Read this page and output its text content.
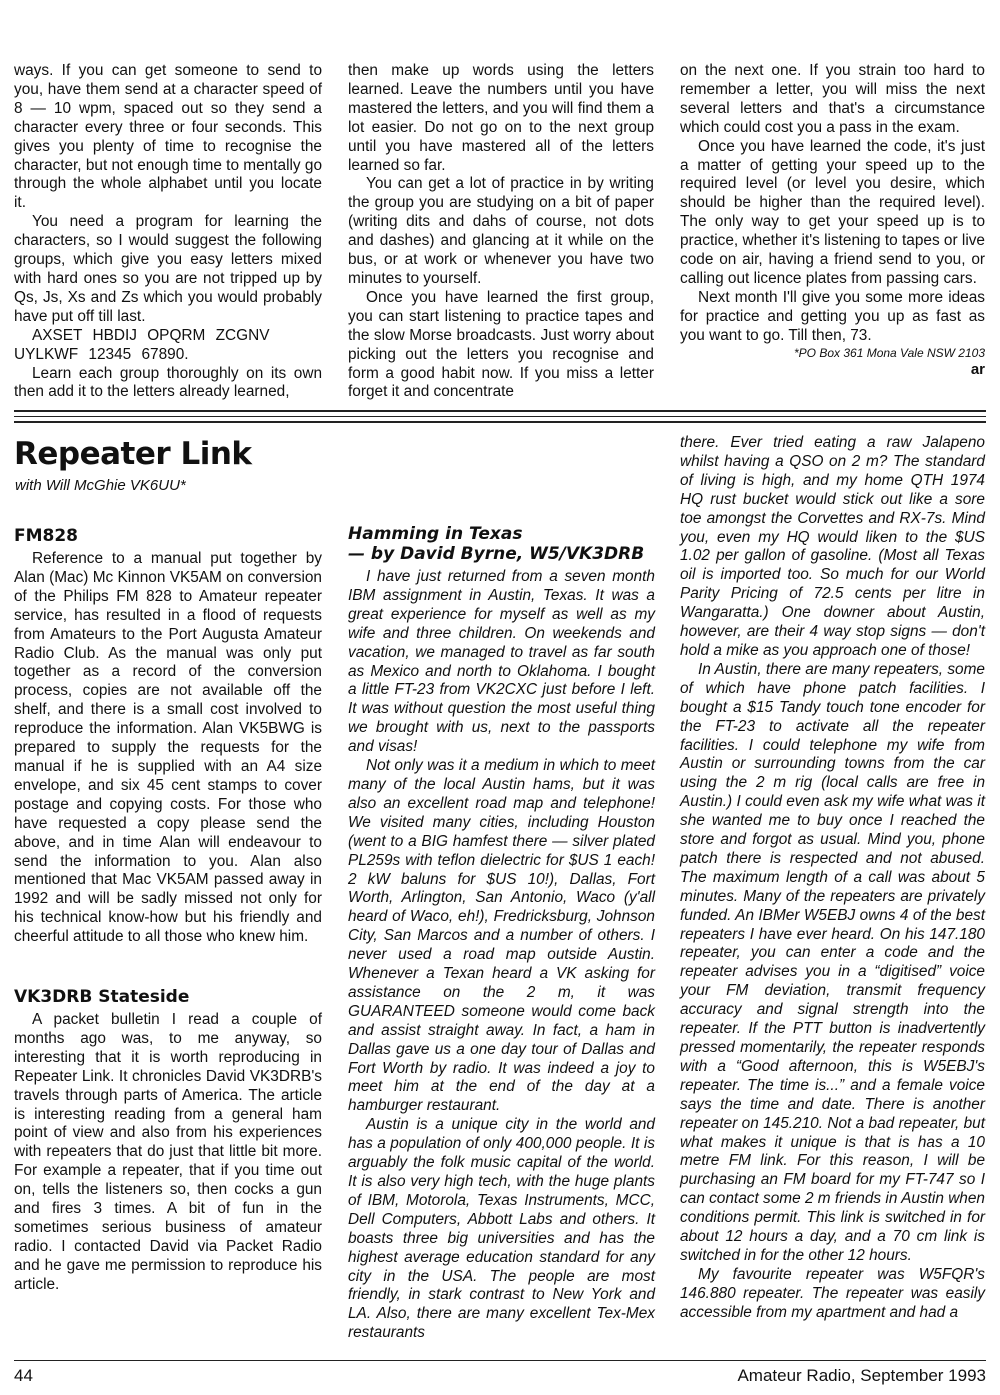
ways. If you can get someone to send to you, have them send at a character speed of 8 — 10 wpm, spaced out so they send a character every three or four seconds. This gives you plenty of time to recognise the character, but not enough time to mentally go through the whole alphabet until you locate it.

You need a program for learning the characters, so I would suggest the following groups, which give you easy letters mixed with hard ones so you are not tripped up by Qs, Js, Xs and Zs which you would probably have put off till last.

AXSET HBDIJ OPQRM ZCGNV UYLKWF 12345 67890.

Learn each group thoroughly on its own then add it to the letters already learned,

then make up words using the letters learned. Leave the numbers until you have mastered the letters, and you will find them a lot easier. Do not go on to the next group until you have mastered all of the letters learned so far.

You can get a lot of practice in by writing the group you are studying on a bit of paper (writing dits and dahs of course, not dots and dashes) and glancing at it while on the bus, or at work or whenever you have two minutes to yourself.

Once you have learned the first group, you can start listening to practice tapes and the slow Morse broadcasts. Just worry about picking out the letters you recognise and form a good habit now. If you miss a letter forget it and concentrate

on the next one. If you strain too hard to remember a letter, you will miss the next several letters and that's a circumstance which could cost you a pass in the exam.

Once you have learned the code, it's just a matter of getting your speed up to the required level (or level you desire, which should be higher than the required level). The only way to get your speed up is to practice, whether it's listening to tapes or live code on air, having a friend send to you, or calling out licence plates from passing cars.

Next month I'll give you some more ideas for practice and getting you up as fast as you want to go. Till then, 73.

*PO Box 361 Mona Vale NSW 2103

ar

Repeater Link
with Will McGhie VK6UU*
FM828

Reference to a manual put together by Alan (Mac) Mc Kinnon VK5AM on conversion of the Philips FM 828 to Amateur repeater service, has resulted in a flood of requests from Amateurs to the Port Augusta Amateur Radio Club. As the manual was only put together as a record of the conversion process, copies are not available off the shelf, and there is a small cost involved to reproduce the information. Alan VK5BWG is prepared to supply the requests for the manual if he is supplied with an A4 size envelope, and six 45 cent stamps to cover postage and copying costs. For those who have requested a copy please send the above, and in time Alan will endeavour to send the information to you. Alan also mentioned that Mac VK5AM passed away in 1992 and will be sadly missed not only for his technical know-how but his friendly and cheerful attitude to all those who knew him.

VK3DRB Stateside

A packet bulletin I read a couple of months ago was, to me anyway, so interesting that it is worth reproducing in Repeater Link. It chronicles David VK3DRB's travels through parts of America. The article is interesting reading from a general ham point of view and also from his experiences with repeaters that do just that little bit more. For example a repeater, that if you time out on, tells the listeners so, then cocks a gun and fires 3 times. A bit of fun in the sometimes serious business of amateur radio. I contacted David via Packet Radio and he gave me permission to reproduce his article.

Hamming in Texas
— by David Byrne, W5/VK3DRB

I have just returned from a seven month IBM assignment in Austin, Texas. It was a great experience for myself as well as my wife and three children. On weekends and vacation, we managed to travel as far south as Mexico and north to Oklahoma. I bought a little FT-23 from VK2CXC just before I left. It was without question the most useful thing we brought with us, next to the passports and visas!

Not only was it a medium in which to meet many of the local Austin hams, but it was also an excellent road map and telephone! We visited many cities, including Houston (went to a BIG hamfest there — silver plated PL259s with teflon dielectric for $US 1 each! 2 kW baluns for $US 10!), Dallas, Fort Worth, Arlington, San Antonio, Waco (y'all heard of Waco, eh!), Fredricksburg, Johnson City, San Marcos and a number of others. I never used a road map outside Austin. Whenever a Texan heard a VK asking for assistance on the 2 m, it was GUARANTEED someone would come back and assist straight away. In fact, a ham in Dallas gave us a one day tour of Dallas and Fort Worth by radio. It was indeed a joy to meet him at the end of the day at a hamburger restaurant.

Austin is a unique city in the world and has a population of only 400,000 people. It is arguably the folk music capital of the world. It is also very high tech, with the huge plants of IBM, Motorola, Texas Instruments, MCC, Dell Computers, Abbott Labs and others. It boasts three big universities and has the highest average education standard for any city in the USA. The people are most friendly, in stark contrast to New York and LA. Also, there are many excellent Tex-Mex restaurants

there. Ever tried eating a raw Jalapeno whilst having a QSO on 2 m? The standard of living is high, and my home QTH 1974 HQ rust bucket would stick out like a sore toe amongst the Corvettes and RX-7s. Mind you, even my HQ would liken to the $US 1.02 per gallon of gasoline. (Most all Texas oil is imported too. So much for our World Parity Pricing of 72.5 cents per litre in Wangaratta.) One downer about Austin, however, are their 4 way stop signs — don't hold a mike as you approach one of those!

In Austin, there are many repeaters, some of which have phone patch facilities. I bought a $15 Tandy touch tone encoder for the FT-23 to activate all the repeater facilities. I could telephone my wife from Austin or surrounding towns from the car using the 2 m rig (local calls are free in Austin.) I could even ask my wife what was it she wanted me to buy once I reached the store and forgot as usual. Mind you, phone patch there is respected and not abused. The maximum length of a call was about 5 minutes. Many of the repeaters are privately funded. An IBMer W5EBJ owns 4 of the best repeaters I have ever heard. On his 147.180 repeater, you can enter a code and the repeater advises you in a “digitised” voice your FM deviation, transmit frequency accuracy and signal strength into the repeater. If the PTT button is inadvertently pressed momentarily, the repeater responds with a “Good afternoon, this is W5EBJ's repeater. The time is...” and a female voice says the time and date. There is another repeater on 145.210. Not a bad repeater, but what makes it unique is that is has a 10 metre FM link. For this reason, I will be purchasing an FM board for my FT-747 so I can contact some 2 m friends in Austin when conditions permit. This link is switched in for about 12 hours a day, and a 70 cm link is switched in for the other 12 hours.

My favourite repeater was W5FQR's 146.880 repeater. The repeater was easily accessible from my apartment and had a

44	Amateur Radio, September 1993
